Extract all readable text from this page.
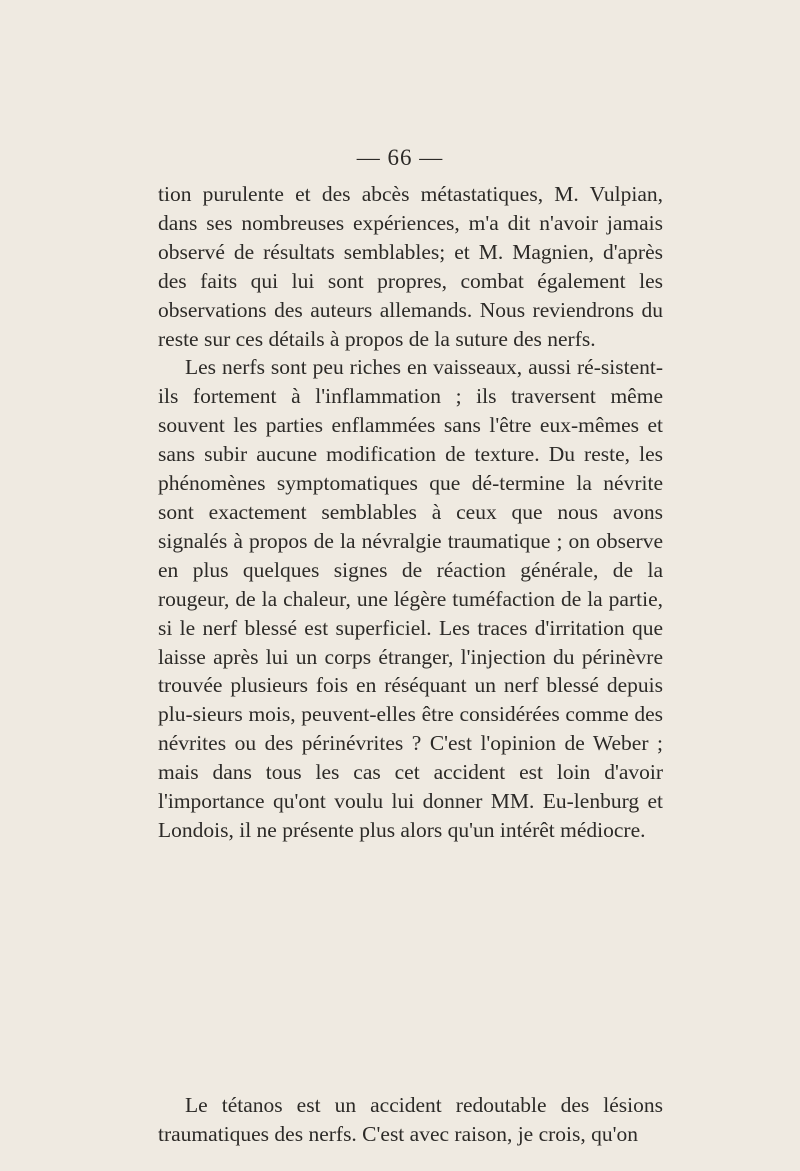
— 66 —

tion purulente et des abcès métastatiques, M. Vulpian, dans ses nombreuses expériences, m'a dit n'avoir jamais observé de résultats semblables; et M. Magnien, d'après des faits qui lui sont propres, combat également les observations des auteurs allemands. Nous reviendrons du reste sur ces détails à propos de la suture des nerfs.

Les nerfs sont peu riches en vaisseaux, aussi ré-sistent-ils fortement à l'inflammation ; ils traversent même souvent les parties enflammées sans l'être eux-mêmes et sans subir aucune modification de texture. Du reste, les phénomènes symptomatiques que dé-termine la névrite sont exactement semblables à ceux que nous avons signalés à propos de la névralgie traumatique ; on observe en plus quelques signes de réaction générale, de la rougeur, de la chaleur, une légère tuméfaction de la partie, si le nerf blessé est superficiel. Les traces d'irritation que laisse après lui un corps étranger, l'injection du périnèvre trouvée plusieurs fois en réséquant un nerf blessé depuis plu-sieurs mois, peuvent-elles être considérées comme des névrites ou des périnévrites ? C'est l'opinion de Weber ; mais dans tous les cas cet accident est loin d'avoir l'importance qu'ont voulu lui donner MM. Eu-lenburg et Londois, il ne présente plus alors qu'un intérêt médiocre.

Le tétanos est un accident redoutable des lésions traumatiques des nerfs. C'est avec raison, je crois, qu'on
